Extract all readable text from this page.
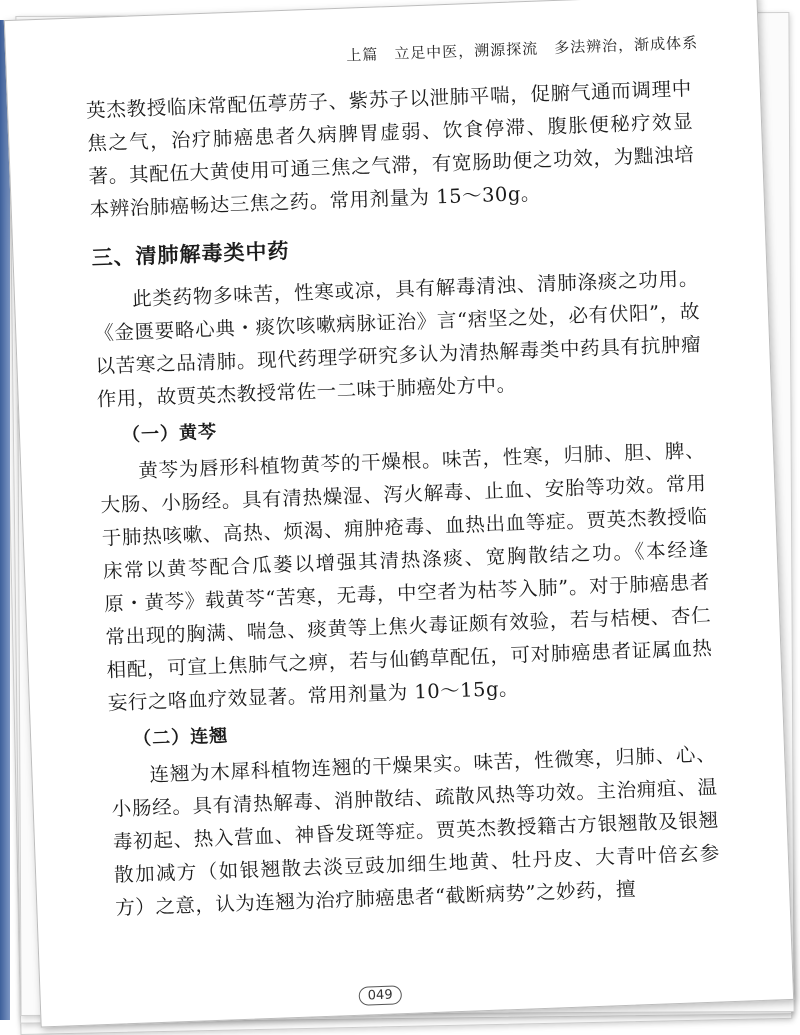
上篇　立足中医，溯源探流　多法辨治，渐成体系

英杰教授临床常配伍葶苈子、紫苏子以泄肺平喘，促腑气通而调理中焦之气，治疗肺癌患者久病脾胃虚弱、饮食停滞、腹胀便秘疗效显著。其配伍大黄使用可通三焦之气滞，有宽肠助便之功效，为黜浊培本辨治肺癌畅达三焦之药。常用剂量为 15～30g。

三、清肺解毒类中药

此类药物多味苦，性寒或凉，具有解毒清浊、清肺涤痰之功用。《金匮要略心典・痰饮咳嗽病脉证治》言“痞坚之处，必有伏阳”，故以苦寒之品清肺。现代药理学研究多认为清热解毒类中药具有抗肿瘤作用，故贾英杰教授常佐一二味于肺癌处方中。

（一）黄芩

黄芩为唇形科植物黄芩的干燥根。味苦，性寒，归肺、胆、脾、大肠、小肠经。具有清热燥湿、泻火解毒、止血、安胎等功效。常用于肺热咳嗽、高热、烦渴、痈肿疮毒、血热出血等症。贾英杰教授临床常以黄芩配合瓜蒌以增强其清热涤痰、宽胸散结之功。《本经逢原・黄芩》载黄芩“苦寒，无毒，中空者为枯芩入肺”。对于肺癌患者常出现的胸满、喘急、痰黄等上焦火毒证颇有效验，若与桔梗、杏仁相配，可宣上焦肺气之痹，若与仙鹤草配伍，可对肺癌患者证属血热妄行之咯血疗效显著。常用剂量为 10～15g。

（二）连翘

连翘为木犀科植物连翘的干燥果实。味苦，性微寒，归肺、心、小肠经。具有清热解毒、消肿散结、疏散风热等功效。主治痈疽、温毒初起、热入营血、神昏发斑等症。贾英杰教授籍古方银翘散及银翘散加减方（如银翘散去淡豆豉加细生地黄、牡丹皮、大青叶倍玄参方）之意，认为连翘为治疗肺癌患者“截断病势”之妙药，擅

049
